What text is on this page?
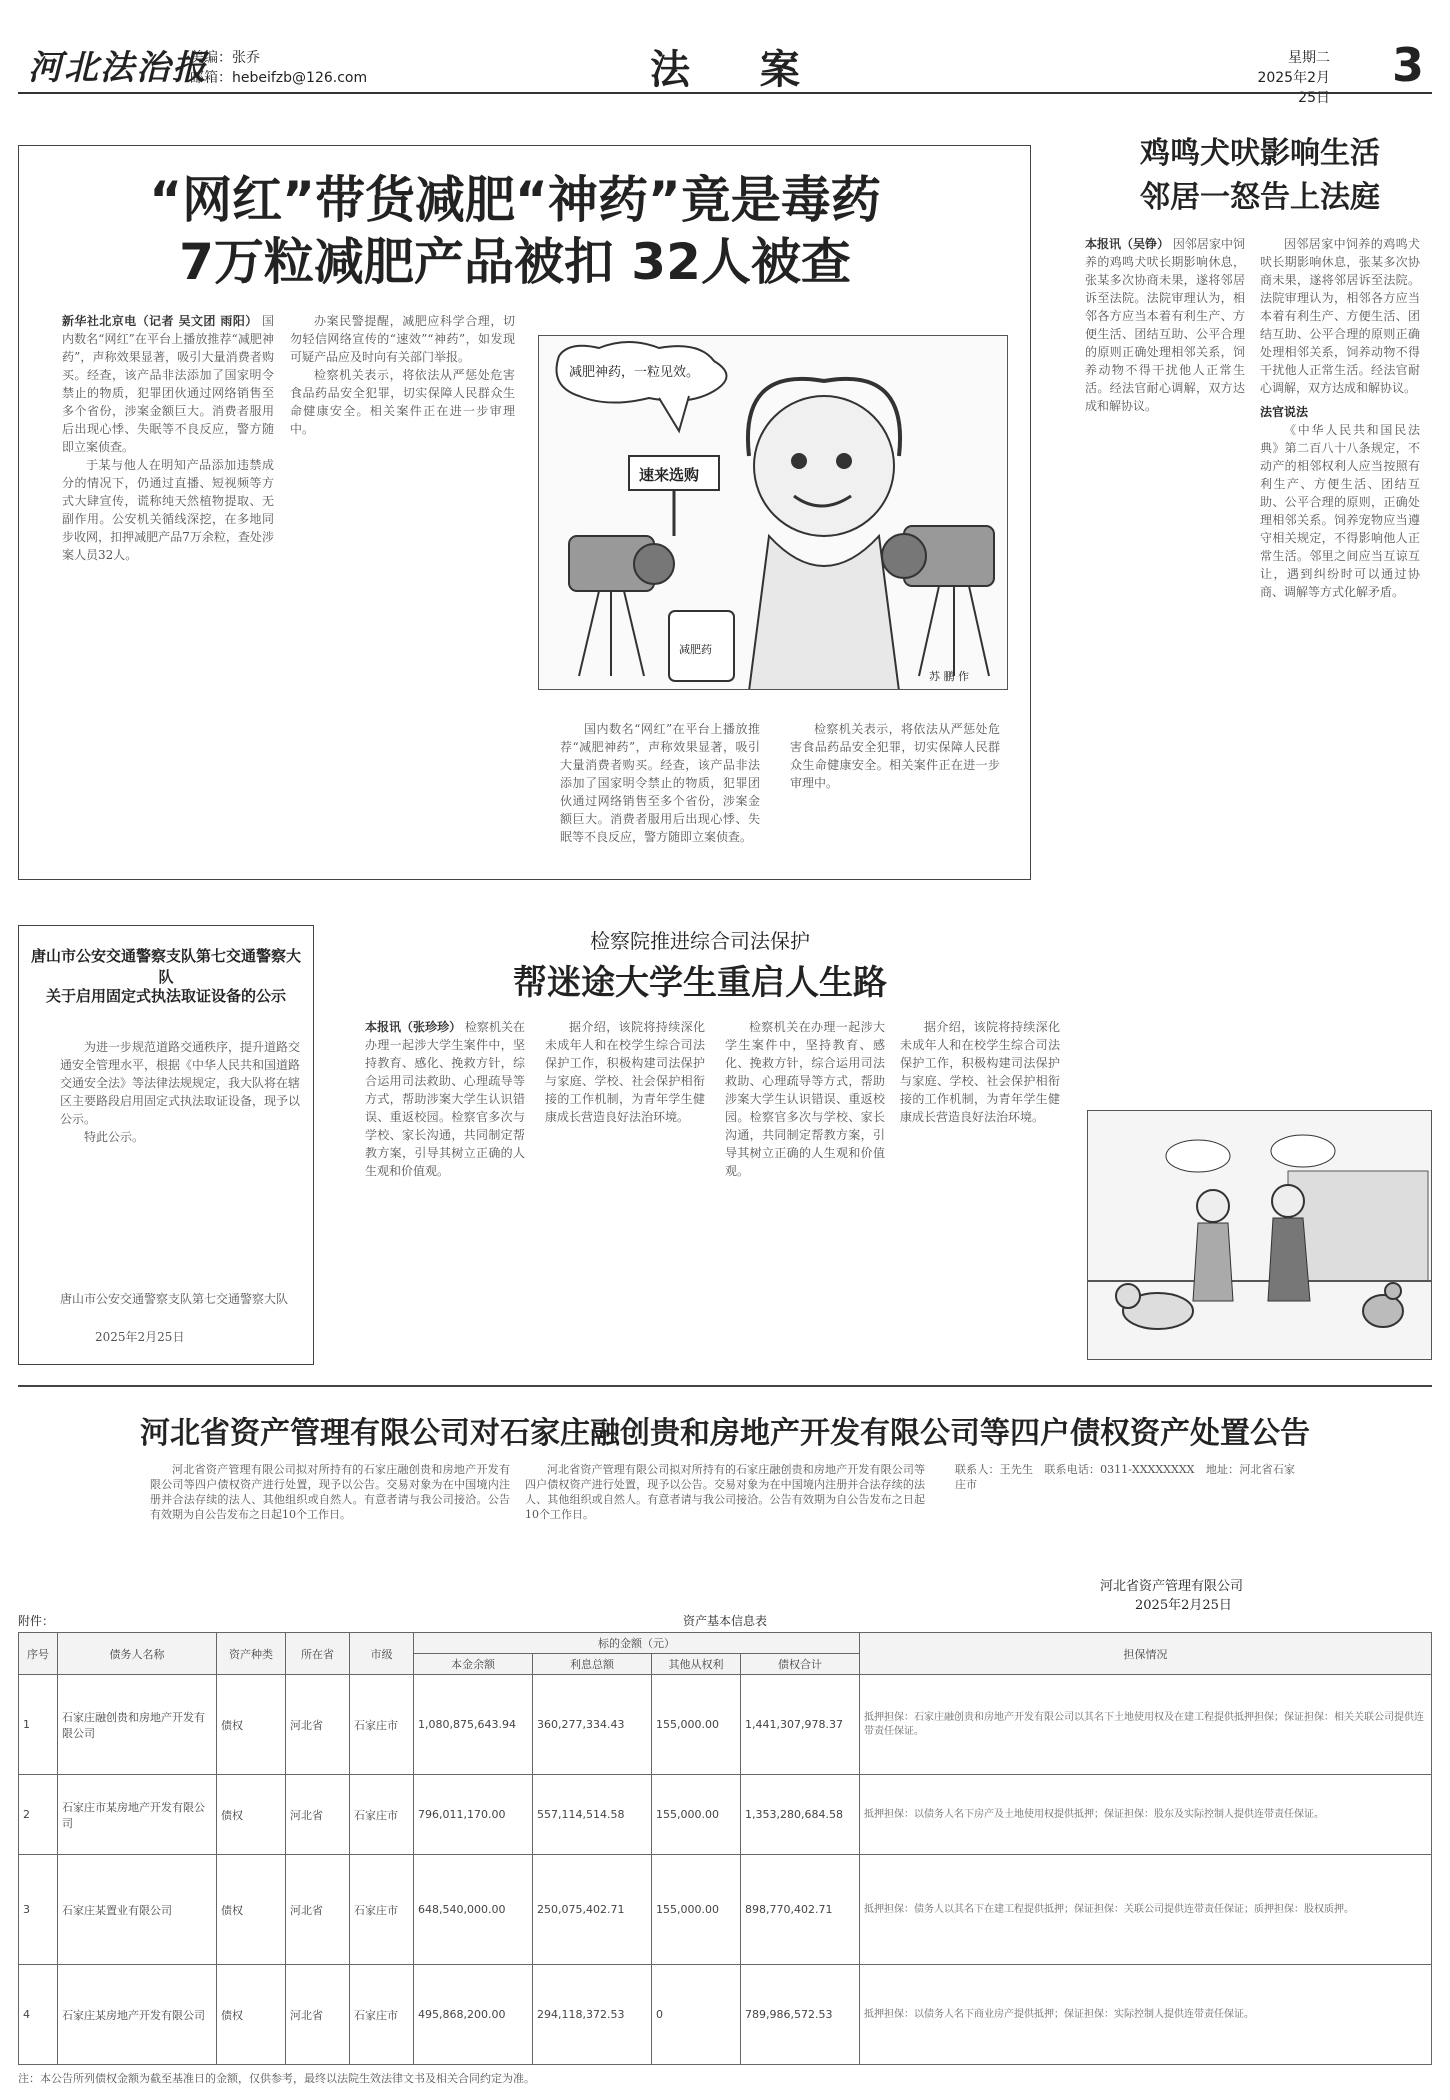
河北法治报
美编：张乔
邮箱：hebeifzb@126.com	法 案	星期二
2025年2月25日
3
“网红”带货减肥“神药”竟是毒药
7万粒减肥产品被扣 32人被查
新华社北京电（记者 吴文团 雨阳） 国内数名“网红”在平台上播放推荐“减肥神药”，声称效果显著，吸引大量消费者购买。经查，该产品非法添加了国家明令禁止的物质，犯罪团伙通过网络销售至多个省份，涉案金额巨大。消费者服用后出现心悸、失眠等不良反应，警方随即立案侦查。
于某与他人在明知产品添加违禁成分的情况下，仍通过直播、短视频等方式大肆宣传，谎称纯天然植物提取、无副作用。公安机关循线深挖，在多地同步收网，扣押减肥产品7万余粒，查处涉案人员32人。
办案民警提醒，减肥应科学合理，切勿轻信网络宣传的“速效”“神药”，如发现可疑产品应及时向有关部门举报。
检察机关表示，将依法从严惩处危害食品药品安全犯罪，切实保障人民群众生命健康安全。相关案件正在进一步审理中。
减肥神药，一粒见效。
速来选购
减肥药
苏 鹏 作
国内数名“网红”在平台上播放推荐“减肥神药”，声称效果显著，吸引大量消费者购买。经查，该产品非法添加了国家明令禁止的物质，犯罪团伙通过网络销售至多个省份，涉案金额巨大。消费者服用后出现心悸、失眠等不良反应，警方随即立案侦查。
检察机关表示，将依法从严惩处危害食品药品安全犯罪，切实保障人民群众生命健康安全。相关案件正在进一步审理中。
鸡鸣犬吠影响生活
邻居一怒告上法庭
本报讯（吴铮） 因邻居家中饲养的鸡鸣犬吠长期影响休息，张某多次协商未果，遂将邻居诉至法院。法院审理认为，相邻各方应当本着有利生产、方便生活、团结互助、公平合理的原则正确处理相邻关系，饲养动物不得干扰他人正常生活。经法官耐心调解，双方达成和解协议。
因邻居家中饲养的鸡鸣犬吠长期影响休息，张某多次协商未果，遂将邻居诉至法院。法院审理认为，相邻各方应当本着有利生产、方便生活、团结互助、公平合理的原则正确处理相邻关系，饲养动物不得干扰他人正常生活。经法官耐心调解，双方达成和解协议。
法官说法
《中华人民共和国民法典》第二百八十八条规定，不动产的相邻权利人应当按照有利生产、方便生活、团结互助、公平合理的原则，正确处理相邻关系。饲养宠物应当遵守相关规定，不得影响他人正常生活。邻里之间应当互谅互让，遇到纠纷时可以通过协商、调解等方式化解矛盾。
唐山市公安交通警察支队第七交通警察大队
关于启用固定式执法取证设备的公示
为进一步规范道路交通秩序，提升道路交通安全管理水平，根据《中华人民共和国道路交通安全法》等法律法规规定，我大队将在辖区主要路段启用固定式执法取证设备，现予以公示。
特此公示。
唐山市公安交通警察支队第七交通警察大队
2025年2月25日
检察院推进综合司法保护
帮迷途大学生重启人生路
本报讯（张珍珍） 检察机关在办理一起涉大学生案件中，坚持教育、感化、挽救方针，综合运用司法救助、心理疏导等方式，帮助涉案大学生认识错误、重返校园。检察官多次与学校、家长沟通，共同制定帮教方案，引导其树立正确的人生观和价值观。
据介绍，该院将持续深化未成年人和在校学生综合司法保护工作，积极构建司法保护与家庭、学校、社会保护相衔接的工作机制，为青年学生健康成长营造良好法治环境。
检察机关在办理一起涉大学生案件中，坚持教育、感化、挽救方针，综合运用司法救助、心理疏导等方式，帮助涉案大学生认识错误、重返校园。检察官多次与学校、家长沟通，共同制定帮教方案，引导其树立正确的人生观和价值观。
据介绍，该院将持续深化未成年人和在校学生综合司法保护工作，积极构建司法保护与家庭、学校、社会保护相衔接的工作机制，为青年学生健康成长营造良好法治环境。
河北省资产管理有限公司对石家庄融创贵和房地产开发有限公司等四户债权资产处置公告
河北省资产管理有限公司拟对所持有的石家庄融创贵和房地产开发有限公司等四户债权资产进行处置，现予以公告。交易对象为在中国境内注册并合法存续的法人、其他组织或自然人。有意者请与我公司接洽。公告有效期为自公告发布之日起10个工作日。
河北省资产管理有限公司拟对所持有的石家庄融创贵和房地产开发有限公司等四户债权资产进行处置，现予以公告。交易对象为在中国境内注册并合法存续的法人、其他组织或自然人。有意者请与我公司接洽。公告有效期为自公告发布之日起10个工作日。
联系人：王先生　联系电话：0311-XXXXXXXX　地址：河北省石家庄市
河北省资产管理有限公司
2025年2月25日
附件：	资产基本信息表
序号	债务人名称	资产种类	所在省	市级	标的金额（元）				担保情况
					本金余额	利息总额	其他从权利	债权合计	
1	石家庄融创贵和房地产开发有限公司	债权	河北省	石家庄市	1,080,875,643.94	360,277,334.43	155,000.00	1,441,307,978.37	抵押担保：石家庄融创贵和房地产开发有限公司以其名下土地使用权及在建工程提供抵押担保；保证担保：相关关联公司提供连带责任保证。
2	石家庄市某房地产开发有限公司	债权	河北省	石家庄市	796,011,170.00	557,114,514.58	155,000.00	1,353,280,684.58	抵押担保：以债务人名下房产及土地使用权提供抵押；保证担保：股东及实际控制人提供连带责任保证。
3	石家庄某置业有限公司	债权	河北省	石家庄市	648,540,000.00	250,075,402.71	155,000.00	898,770,402.71	抵押担保：债务人以其名下在建工程提供抵押；保证担保：关联公司提供连带责任保证；质押担保：股权质押。
4	石家庄某房地产开发有限公司	债权	河北省	石家庄市	495,868,200.00	294,118,372.53	0	789,986,572.53	抵押担保：以债务人名下商业房产提供抵押；保证担保：实际控制人提供连带责任保证。
注：本公告所列债权金额为截至基准日的金额，仅供参考，最终以法院生效法律文书及相关合同约定为准。
